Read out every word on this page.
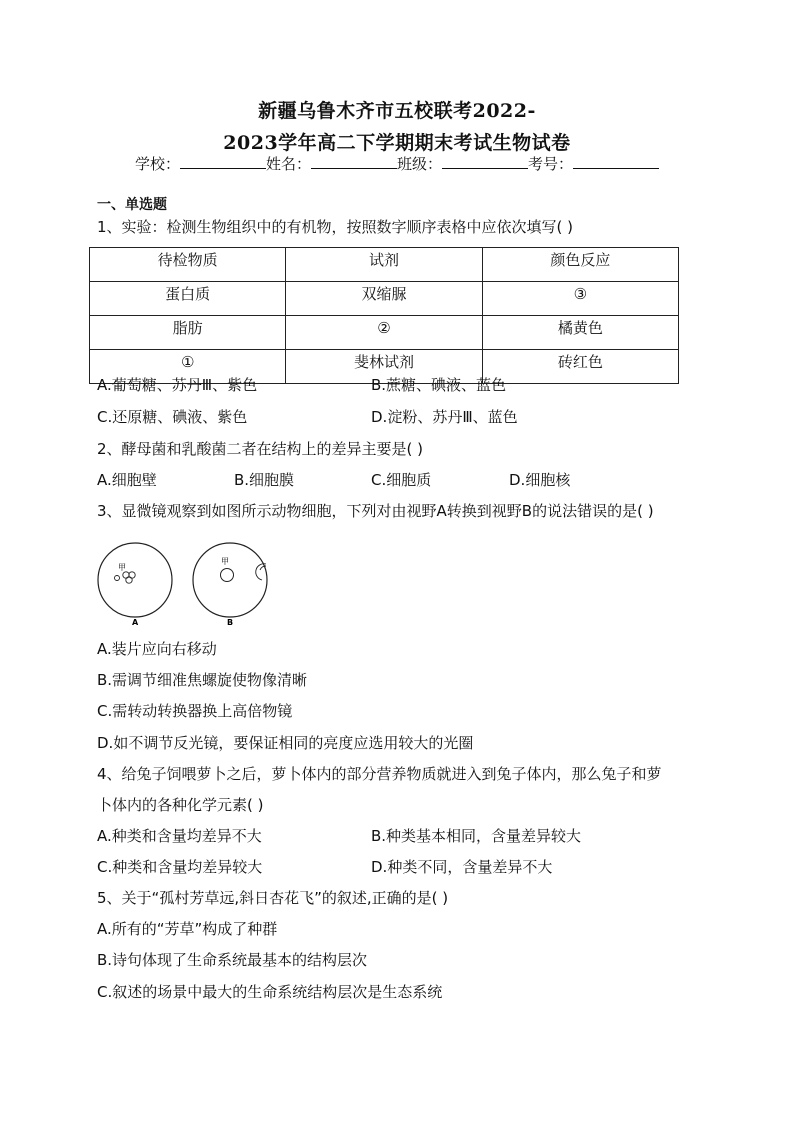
新疆乌鲁木齐市五校联考2022-
2023学年高二下学期期末考试生物试卷
学校：	姓名：	班级：	考号：
一、单选题
1、实验：检测生物组织中的有机物，按照数字顺序表格中应依次填写( )
待检物质	试剂	颜色反应
蛋白质	双缩脲	③
脂肪	②	橘黄色
①	斐林试剂	砖红色
A.葡萄糖、苏丹Ⅲ、紫色	B.蔗糖、碘液、蓝色
C.还原糖、碘液、紫色	D.淀粉、苏丹Ⅲ、蓝色
2、酵母菌和乳酸菌二者在结构上的差异主要是( )
A.细胞壁	B.细胞膜	C.细胞质	D.细胞核
3、显微镜观察到如图所示动物细胞，下列对由视野A转换到视野B的说法错误的是( )
甲
A
甲
B
A.装片应向右移动
B.需调节细准焦螺旋使物像清晰
C.需转动转换器换上高倍物镜
D.如不调节反光镜，要保证相同的亮度应选用较大的光圈
4、给兔子饲喂萝卜之后，萝卜体内的部分营养物质就进入到兔子体内，那么兔子和萝
卜体内的各种化学元素( )
A.种类和含量均差异不大	B.种类基本相同，含量差异较大
C.种类和含量均差异较大	D.种类不同，含量差异不大
5、关于“孤村芳草远,斜日杏花飞”的叙述,正确的是( )
A.所有的“芳草”构成了种群
B.诗句体现了生命系统最基本的结构层次
C.叙述的场景中最大的生命系统结构层次是生态系统
